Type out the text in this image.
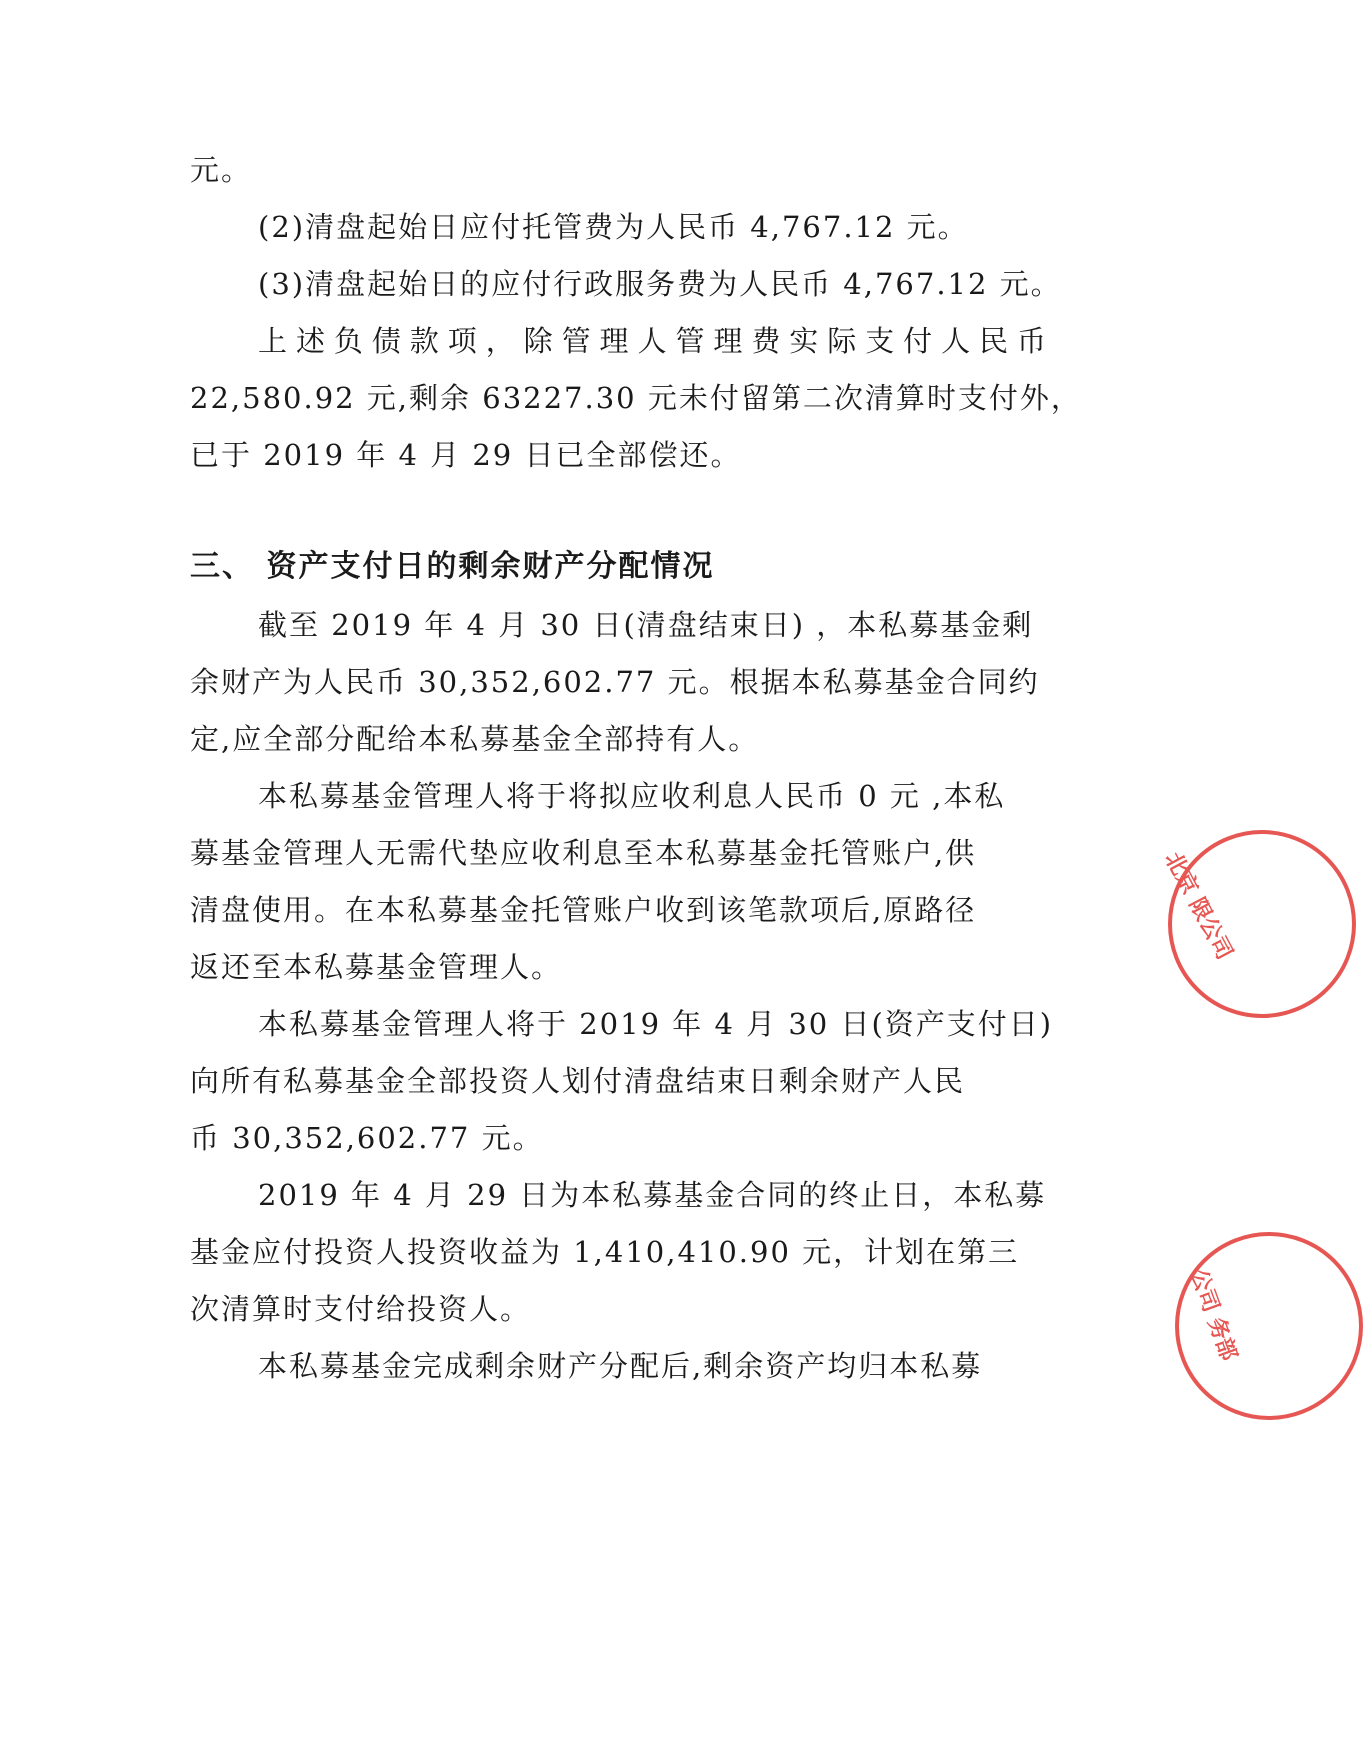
元。
(2)清盘起始日应付托管费为人民币 4,767.12 元。
(3)清盘起始日的应付行政服务费为人民币 4,767.12 元。
上述负债款项，除管理人管理费实际支付人民币
22,580.92 元,剩余 63227.30 元未付留第二次清算时支付外，
已于 2019 年 4 月 29 日已全部偿还。
三、 资产支付日的剩余财产分配情况
截至 2019 年 4 月 30 日(清盘结束日) ，本私募基金剩
余财产为人民币 30,352,602.77 元。根据本私募基金合同约
定,应全部分配给本私募基金全部持有人。
本私募基金管理人将于将拟应收利息人民币 0 元 ,本私
募基金管理人无需代垫应收利息至本私募基金托管账户,供
清盘使用。在本私募基金托管账户收到该笔款项后,原路径
返还至本私募基金管理人。
本私募基金管理人将于 2019 年 4 月 30 日(资产支付日)
向所有私募基金全部投资人划付清盘结束日剩余财产人民
币 30,352,602.77 元。
2019 年 4 月 29 日为本私募基金合同的终止日，本私募
基金应付投资人投资收益为 1,410,410.90 元，计划在第三
次清算时支付给投资人。
本私募基金完成剩余财产分配后,剩余资产均归本私募
北京 限公司
公司 务部
